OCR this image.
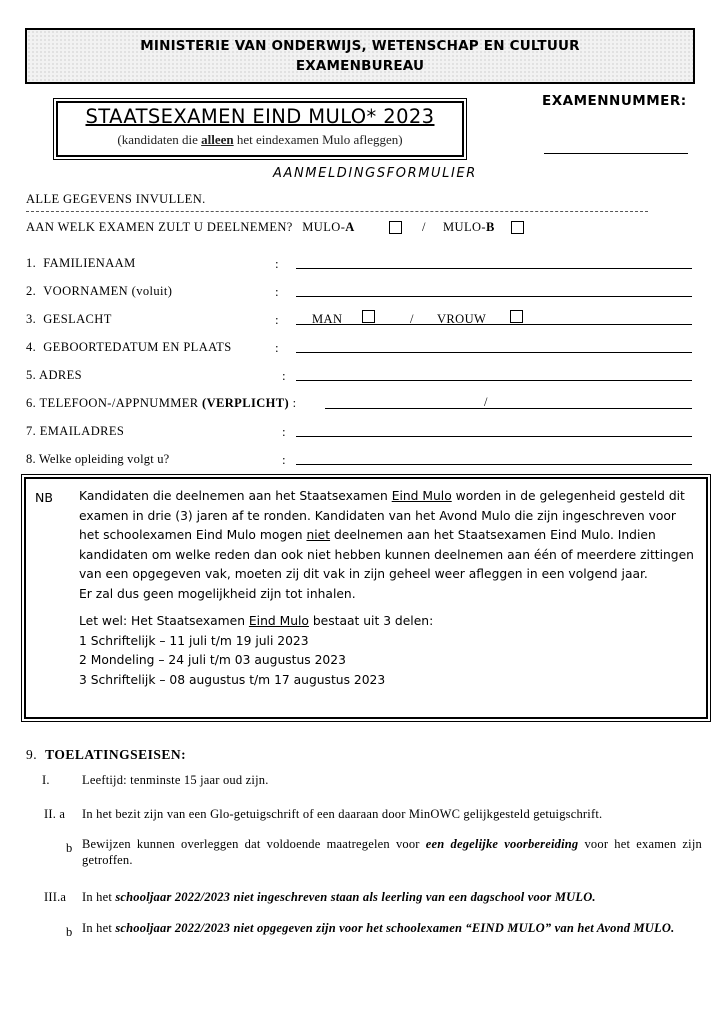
MINISTERIE VAN ONDERWIJS, WETENSCHAP EN CULTUUR
EXAMENBUREAU
STAATSEXAMEN EIND MULO* 2023
(kandidaten die alleen het eindexamen Mulo afleggen)
EXAMENNUMMER:
AANMELDINGSFORMULIER
ALLE GEGEVENS INVULLEN.
AAN WELK EXAMEN ZULT U DEELNEMEN? MULO-A	/ MULO-B
1. FAMILIENAAM	:
2. VOORNAMEN (voluit)	:
3. GESLACHT	:	MAN	/ VROUW
4. GEBOORTEDATUM EN PLAATS	:
5. ADRES	:
6. TELEFOON-/APPNUMMER (VERPLICHT) :	/
7. EMAILADRES	:
8. Welke opleiding volgt u?	:
NB Kandidaten die deelnemen aan het Staatsexamen Eind Mulo worden in de gelegenheid gesteld dit examen in drie (3) jaren af te ronden. Kandidaten van het Avond Mulo die zijn ingeschreven voor het schoolexamen Eind Mulo mogen niet deelnemen aan het Staatsexamen Eind Mulo. Indien kandidaten om welke reden dan ook niet hebben kunnen deelnemen aan één of meerdere zittingen van een opgegeven vak, moeten zij dit vak in zijn geheel weer afleggen in een volgend jaar.

Er zal dus geen mogelijkheid zijn tot inhalen.

Let wel: Het Staatsexamen Eind Mulo bestaat uit 3 delen:

1 Schriftelijk – 11 juli t/m 19 juli 2023

2 Mondeling – 24 juli t/m 03 augustus 2023

3 Schriftelijk – 08 augustus t/m 17 augustus 2023

9. TOELATINGSEISEN:
I.	Leeftijd: tenminste 15 jaar oud zijn.
II. a In het bezit zijn van een Glo-getuigschrift of een daaraan door MinOWC gelijkgesteld getuigschrift.
b Bewijzen kunnen overleggen dat voldoende maatregelen voor een degelijke voorbereiding voor het examen zijn getroffen.
III.a In het schooljaar 2022/2023 niet ingeschreven staan als leerling van een dagschool voor MULO.
b In het schooljaar 2022/2023 niet opgegeven zijn voor het schoolexamen “EIND MULO” van het Avond MULO.
